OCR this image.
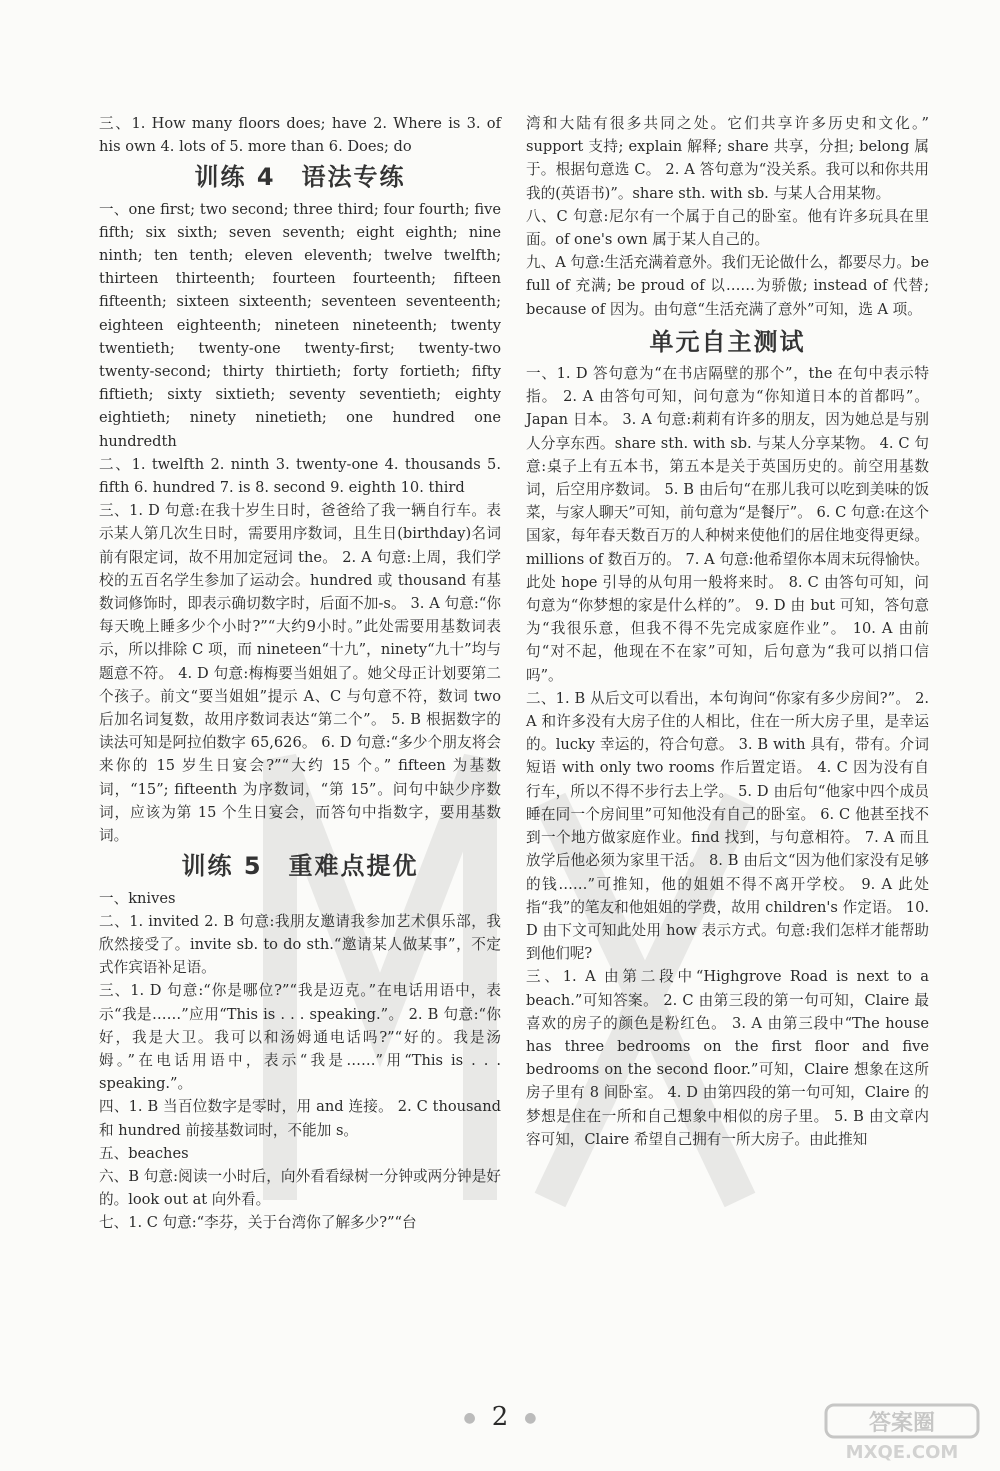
三、1. How many floors does; have 2. Where is 3. of his own 4. lots of 5. more than 6. Does; do

训练 4　语法专练

一、one first; two second; three third; four fourth; five fifth; six sixth; seven seventh; eight eighth; nine ninth; ten tenth; eleven eleventh; twelve twelfth; thirteen thirteenth; fourteen fourteenth; fifteen fifteenth; sixteen sixteenth; seventeen seventeenth; eighteen eighteenth; nineteen nineteenth; twenty twentieth; twenty-one twenty-first; twenty-two twenty-second; thirty thirtieth; forty fortieth; fifty fiftieth; sixty sixtieth; seventy seventieth; eighty eightieth; ninety ninetieth; one hundred one hundredth

二、1. twelfth 2. ninth 3. twenty-one 4. thousands 5. fifth 6. hundred 7. is 8. second 9. eighth 10. third

三、1. D 句意:在我十岁生日时，爸爸给了我一辆自行车。表示某人第几次生日时，需要用序数词，且生日(birthday)名词前有限定词，故不用加定冠词 the。 2. A 句意:上周，我们学校的五百名学生参加了运动会。hundred 或 thousand 有基数词修饰时，即表示确切数字时，后面不加-s。 3. A 句意:“你每天晚上睡多少个小时?”“大约9小时。”此处需要用基数词表示，所以排除 C 项，而 nineteen“十九”，ninety“九十”均与题意不符。 4. D 句意:梅梅要当姐姐了。她父母正计划要第二个孩子。前文“要当姐姐”提示 A、C 与句意不符，数词 two 后加名词复数，故用序数词表达“第二个”。 5. B 根据数字的读法可知是阿拉伯数字 65,626。 6. D 句意:“多少个朋友将会来你的 15 岁生日宴会?”“大约 15 个。” fifteen 为基数词，“15”; fifteenth 为序数词，“第 15”。问句中缺少序数词，应该为第 15 个生日宴会，而答句中指数字，要用基数词。

训练 5　重难点提优

一、knives

二、1. invited 2. B 句意:我朋友邀请我参加艺术俱乐部，我欣然接受了。invite sb. to do sth.“邀请某人做某事”，不定式作宾语补足语。

三、1. D 句意:“你是哪位?”“我是迈克。”在电话用语中，表示“我是……”应用“This is . . . speaking.”。 2. B 句意:“你好，我是大卫。我可以和汤姆通电话吗?”“好的。我是汤姆。”在电话用语中，表示“我是……”用“This is . . . speaking.”。

四、1. B 当百位数字是零时，用 and 连接。 2. C thousand 和 hundred 前接基数词时，不能加 s。

五、beaches

六、B 句意:阅读一小时后，向外看看绿树一分钟或两分钟是好的。look out at 向外看。

七、1. C 句意:“李芬，关于台湾你了解多少?”“台

湾和大陆有很多共同之处。它们共享许多历史和文化。” support 支持; explain 解释; share 共享，分担; belong 属于。根据句意选 C。 2. A 答句意为“没关系。我可以和你共用我的(英语书)”。share sth. with sb. 与某人合用某物。

八、C 句意:尼尔有一个属于自己的卧室。他有许多玩具在里面。of one's own 属于某人自己的。

九、A 句意:生活充满着意外。我们无论做什么，都要尽力。be full of 充满; be proud of 以……为骄傲; instead of 代替; because of 因为。由句意“生活充满了意外”可知，选 A 项。

单元自主测试

一、1. D 答句意为“在书店隔壁的那个”，the 在句中表示特指。 2. A 由答句可知，问句意为“你知道日本的首都吗”。Japan 日本。 3. A 句意:莉莉有许多的朋友，因为她总是与别人分享东西。share sth. with sb. 与某人分享某物。 4. C 句意:桌子上有五本书，第五本是关于英国历史的。前空用基数词，后空用序数词。 5. B 由后句“在那儿我可以吃到美味的饭菜，与家人聊天”可知，前句意为“是餐厅”。 6. C 句意:在这个国家，每年春天数百万的人种树来使他们的居住地变得更绿。millions of 数百万的。 7. A 句意:他希望你本周末玩得愉快。此处 hope 引导的从句用一般将来时。 8. C 由答句可知，问句意为“你梦想的家是什么样的”。 9. D 由 but 可知，答句意为“我很乐意，但我不得不先完成家庭作业”。 10. A 由前句“对不起，他现在不在家”可知，后句意为“我可以捎口信吗”。

二、1. B 从后文可以看出，本句询问“你家有多少房间?”。 2. A 和许多没有大房子住的人相比，住在一所大房子里，是幸运的。lucky 幸运的，符合句意。 3. B with 具有，带有。介词短语 with only two rooms 作后置定语。 4. C 因为没有自行车，所以不得不步行去上学。 5. D 由后句“他家中四个成员睡在同一个房间里”可知他没有自己的卧室。 6. C 他甚至找不到一个地方做家庭作业。find 找到，与句意相符。 7. A 而且放学后他必须为家里干活。 8. B 由后文“因为他们家没有足够的钱……”可推知，他的姐姐不得不离开学校。 9. A 此处指“我”的笔友和他姐姐的学费，故用 children's 作定语。 10. D 由下文可知此处用 how 表示方式。句意:我们怎样才能帮助到他们呢?

三、1. A 由第二段中“Highgrove Road is next to a beach.”可知答案。 2. C 由第三段的第一句可知，Claire 最喜欢的房子的颜色是粉红色。 3. A 由第三段中“The house has three bedrooms on the first floor and five bedrooms on the second floor.”可知，Claire 想象在这所房子里有 8 间卧室。 4. D 由第四段的第一句可知，Claire 的梦想是住在一所和自己想象中相似的房子里。 5. B 由文章内容可知，Claire 希望自己拥有一所大房子。由此推知

● 2 ●	答案圈
MXQE.COM
